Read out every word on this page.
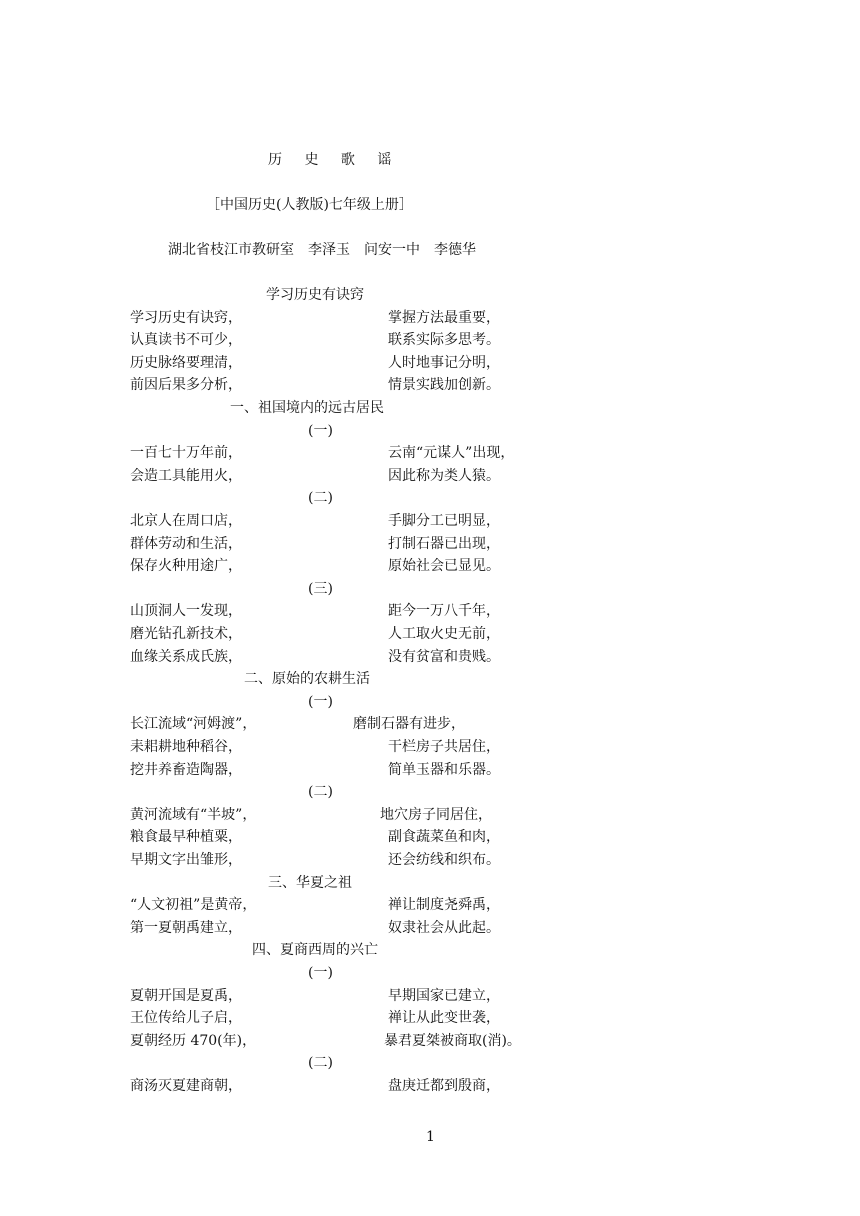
历 史 歌 谣
［中国历史(人教版)七年级上册］
湖北省枝江市教研室　李泽玉　问安一中　李德华
学习历史有诀窍
学习历史有诀窍，	掌握方法最重要，
认真读书不可少，	联系实际多思考。
历史脉络要理清，	人时地事记分明，
前因后果多分析，	情景实践加创新。
一、祖国境内的远古居民
(一)
一百七十万年前，	云南“元谋人”出现，
会造工具能用火，	因此称为类人猿。
(二)
北京人在周口店，	手脚分工已明显，
群体劳动和生活，	打制石器已出现，
保存火种用途广，	原始社会已显见。
(三)
山顶洞人一发现，	距今一万八千年，
磨光钻孔新技术，	人工取火史无前，
血缘关系成氏族，	没有贫富和贵贱。
二、原始的农耕生活
(一)
长江流域“河姆渡”，	磨制石器有进步，
耒耜耕地种稻谷，	干栏房子共居住，
挖井养畜造陶器，	简单玉器和乐器。
(二)
黄河流域有“半坡”，	地穴房子同居住，
粮食最早种植粟，	副食蔬菜鱼和肉，
早期文字出雏形，	还会纺线和织布。
三、华夏之祖
“人文初祖”是黄帝，	禅让制度尧舜禹，
第一夏朝禹建立，	奴隶社会从此起。
四、夏商西周的兴亡
(一)
夏朝开国是夏禹，	早期国家已建立，
王位传给儿子启，	禅让从此变世袭，
夏朝经历 470(年)，	暴君夏桀被商取(消)。
(二)
商汤灭夏建商朝，	盘庚迁都到殷商，
1
